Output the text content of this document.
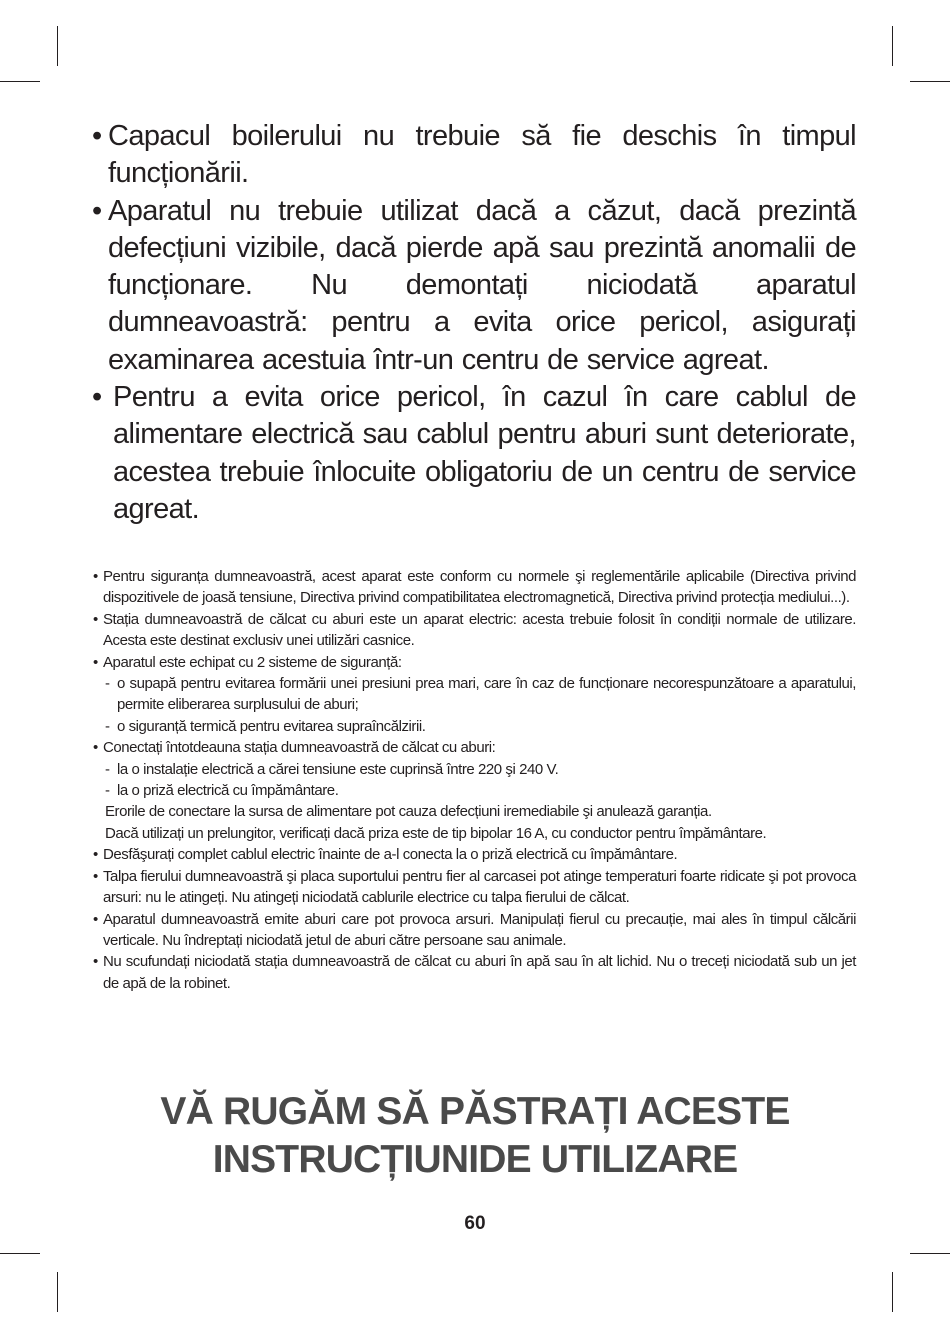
• Capacul boilerului nu trebuie să fie deschis în timpul funcționării.
• Aparatul nu trebuie utilizat dacă a căzut, dacă prezintă defecțiuni vizibile, dacă pierde apă sau prezintă anomalii de funcționare. Nu demontați niciodată aparatul dumneavoastră: pentru a evita orice pericol, asigurați examinarea acestuia într-un centru de service agreat.
• Pentru a evita orice pericol, în cazul în care cablul de alimentare electrică sau cablul pentru aburi sunt deteriorate, acestea trebuie înlocuite obligatoriu de un centru de service agreat.
• Pentru siguranța dumneavoastră, acest aparat este conform cu normele şi reglementările aplicabile (Directiva privind dispozitivele de joasă tensiune, Directiva privind compatibilitatea electromagnetică, Directiva privind protecția mediului...).
• Stația dumneavoastră de călcat cu aburi este un aparat electric: acesta trebuie folosit în condiții normale de utilizare. Acesta este destinat exclusiv unei utilizări casnice.
• Aparatul este echipat cu 2 sisteme de siguranță:
- o supapă pentru evitarea formării unei presiuni prea mari, care în caz de funcționare necorespunzătoare a aparatului, permite eliberarea surplusului de aburi;
- o siguranță termică pentru evitarea supraîncălzirii.
• Conectați întotdeauna stația dumneavoastră de călcat cu aburi:
- la o instalație electrică a cărei tensiune este cuprinsă între 220 şi 240 V.
- la o priză electrică cu împământare.
Erorile de conectare la sursa de alimentare pot cauza defecțiuni iremediabile şi anulează garanția.
Dacă utilizați un prelungitor, verificați dacă priza este de tip bipolar 16 A, cu conductor pentru împământare.
• Desfăşurați complet cablul electric înainte de a-l conecta la o priză electrică cu împământare.
• Talpa fierului dumneavoastră şi placa suportului pentru fier al carcasei pot atinge temperaturi foarte ridicate şi pot provoca arsuri: nu le atingeți. Nu atingeți niciodată cablurile electrice cu talpa fierului de călcat.
• Aparatul dumneavoastră emite aburi care pot provoca arsuri. Manipulați fierul cu precauție, mai ales în timpul călcării verticale. Nu îndreptați niciodată jetul de aburi către persoane sau animale.
• Nu scufundați niciodată stația dumneavoastră de călcat cu aburi în apă sau în alt lichid. Nu o treceți niciodată sub un jet de apă de la robinet.
VĂ RUGĂM SĂ PĂSTRAȚI ACESTE
INSTRUCȚIUNIDE UTILIZARE
60
